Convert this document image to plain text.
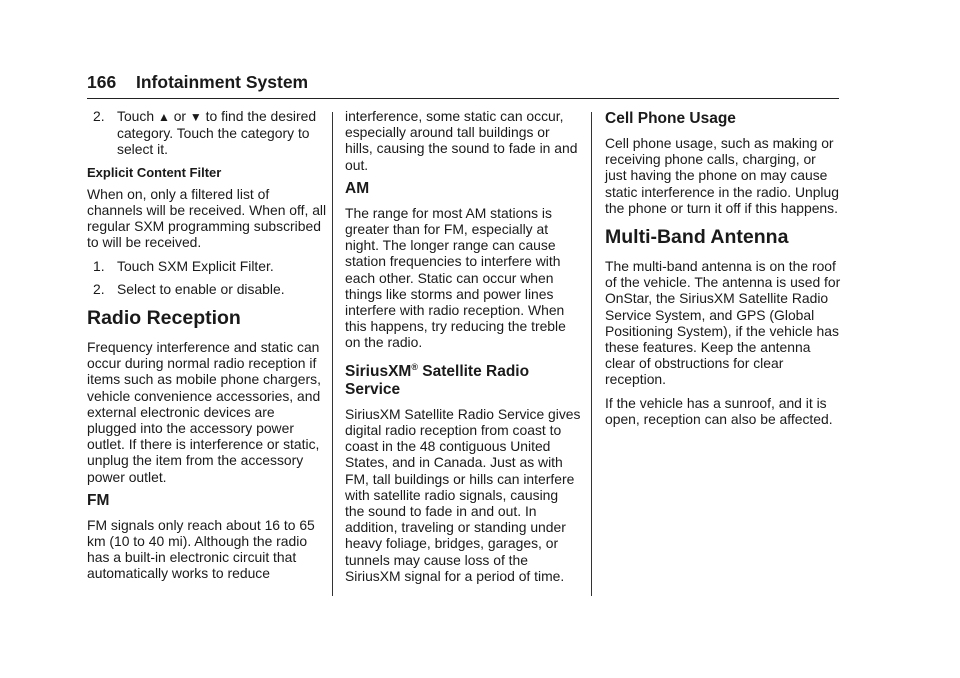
166 Infotainment System
2. Touch ▲ or ▼ to find the desired category. Touch the category to select it.
Explicit Content Filter

When on, only a filtered list of channels will be received. When off, all regular SXM programming subscribed to will be received.

1. Touch SXM Explicit Filter.
2. Select to enable or disable.
Radio Reception

Frequency interference and static can occur during normal radio reception if items such as mobile phone chargers, vehicle convenience accessories, and external electronic devices are plugged into the accessory power outlet. If there is interference or static, unplug the item from the accessory power outlet.

FM

FM signals only reach about 16 to 65 km (10 to 40 mi). Although the radio has a built-in electronic circuit that automatically works to reduce

interference, some static can occur, especially around tall buildings or hills, causing the sound to fade in and out.

AM

The range for most AM stations is greater than for FM, especially at night. The longer range can cause station frequencies to interfere with each other. Static can occur when things like storms and power lines interfere with radio reception. When this happens, try reducing the treble on the radio.

SiriusXM® Satellite Radio Service

SiriusXM Satellite Radio Service gives digital radio reception from coast to coast in the 48 contiguous United States, and in Canada. Just as with FM, tall buildings or hills can interfere with satellite radio signals, causing the sound to fade in and out. In addition, traveling or standing under heavy foliage, bridges, garages, or tunnels may cause loss of the SiriusXM signal for a period of time.

Cell Phone Usage

Cell phone usage, such as making or receiving phone calls, charging, or just having the phone on may cause static interference in the radio. Unplug the phone or turn it off if this happens.

Multi-Band Antenna

The multi-band antenna is on the roof of the vehicle. The antenna is used for OnStar, the SiriusXM Satellite Radio Service System, and GPS (Global Positioning System), if the vehicle has these features. Keep the antenna clear of obstructions for clear reception.

If the vehicle has a sunroof, and it is open, reception can also be affected.
